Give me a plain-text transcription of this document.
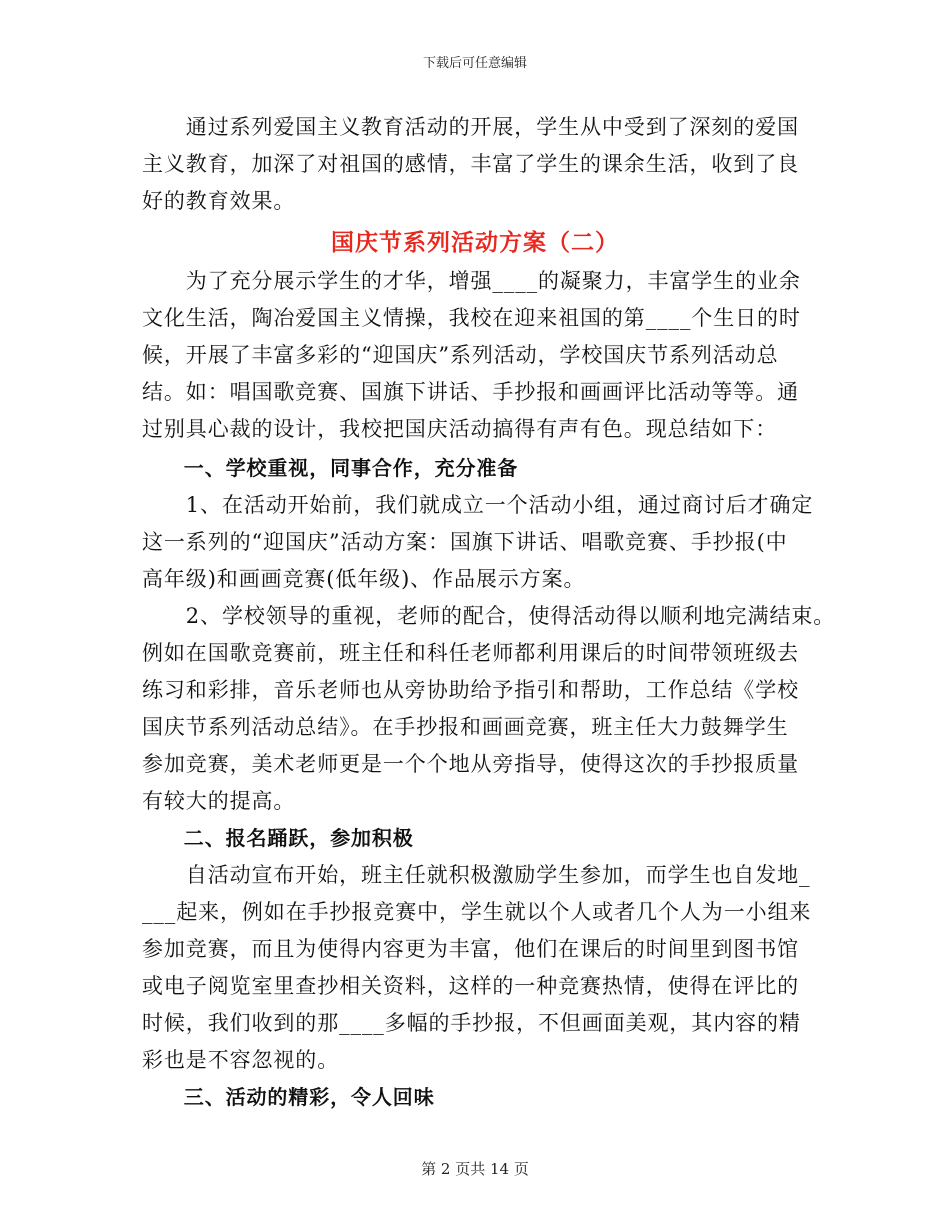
下载后可任意编辑
　　通过系列爱国主义教育活动的开展，学生从中受到了深刻的爱国
主义教育，加深了对祖国的感情，丰富了学生的课余生活，收到了良
好的教育效果。
国庆节系列活动方案（二）
　　为了充分展示学生的才华，增强____的凝聚力，丰富学生的业余
文化生活，陶冶爱国主义情操，我校在迎来祖国的第____个生日的时
候，开展了丰富多彩的“迎国庆”系列活动，学校国庆节系列活动总
结。如：唱国歌竞赛、国旗下讲话、手抄报和画画评比活动等等。通
过别具心裁的设计，我校把国庆活动搞得有声有色。现总结如下：
　　一、学校重视，同事合作，充分准备
　　1、在活动开始前，我们就成立一个活动小组，通过商讨后才确定
这一系列的“迎国庆”活动方案：国旗下讲话、唱歌竞赛、手抄报(中
高年级)和画画竞赛(低年级)、作品展示方案。
　　2、学校领导的重视，老师的配合，使得活动得以顺利地完满结束。
例如在国歌竞赛前，班主任和科任老师都利用课后的时间带领班级去
练习和彩排，音乐老师也从旁协助给予指引和帮助，工作总结《学校
国庆节系列活动总结》。在手抄报和画画竞赛，班主任大力鼓舞学生
参加竞赛，美术老师更是一个个地从旁指导，使得这次的手抄报质量
有较大的提高。
　　二、报名踊跃，参加积极
　　自活动宣布开始，班主任就积极激励学生参加，而学生也自发地_
___起来，例如在手抄报竞赛中，学生就以个人或者几个人为一小组来
参加竞赛，而且为使得内容更为丰富，他们在课后的时间里到图书馆
或电子阅览室里查抄相关资料，这样的一种竞赛热情，使得在评比的
时候，我们收到的那____多幅的手抄报，不但画面美观，其内容的精
彩也是不容忽视的。
　　三、活动的精彩，令人回味
第 2 页共 14 页
